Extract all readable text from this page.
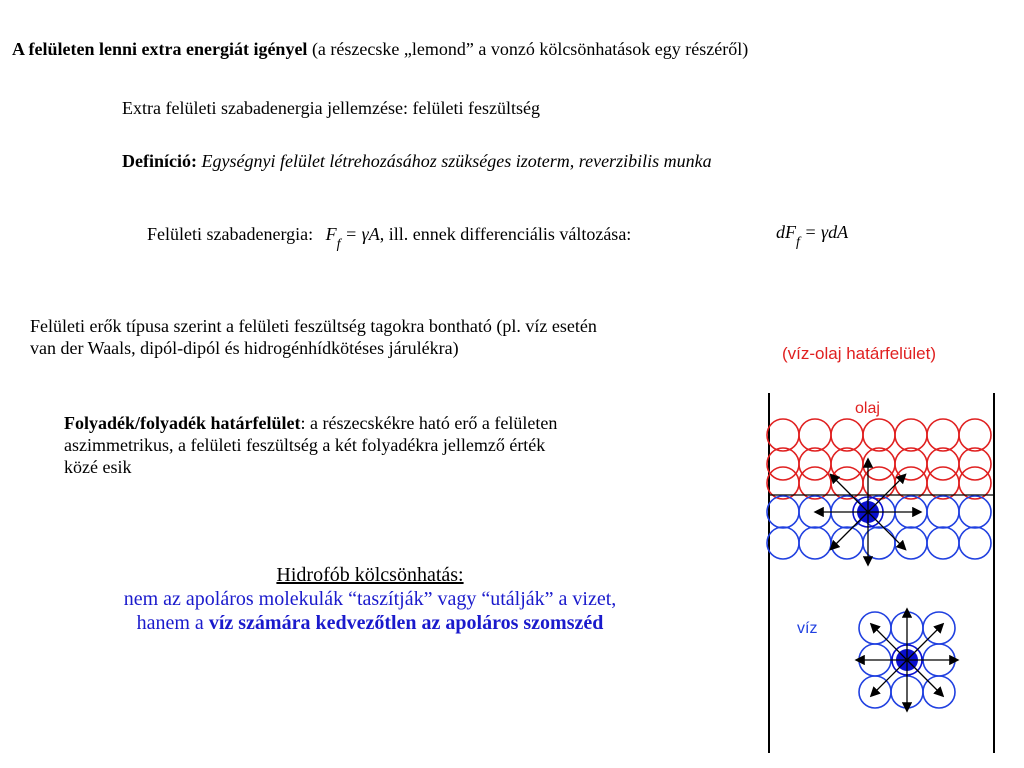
A felületen lenni extra energiát igényel (a részecske „lemond” a vonzó kölcsönhatások egy részéről)
Extra felületi szabadenergia jellemzése: felületi feszültség
Definíció: Egységnyi felület létrehozásához szükséges izoterm, reverzibilis munka
Felületi szabadenergia: $F_f = \gamma A$, ill. ennek differenciális változása:	$dF_f = \gamma dA$
Felületi erők típusa szerint a felületi feszültség tagokra bontható (pl. víz esetén
van der Waals, dipól-dipól és hidrogénhídkötéses járulékra)
Folyadék/folyadék határfelület: a részecskékre ható erő a felületen
aszimmetrikus, a felületi feszültség a két folyadékra jellemző érték
közé esik
Hidrofób kölcsönhatás:
nem az apoláros molekulák “taszítják” vagy “utálják” a vizet,
hanem a víz számára kedvezőtlen az apoláros szomszéd
(víz-olaj határfelület)
olaj
víz
